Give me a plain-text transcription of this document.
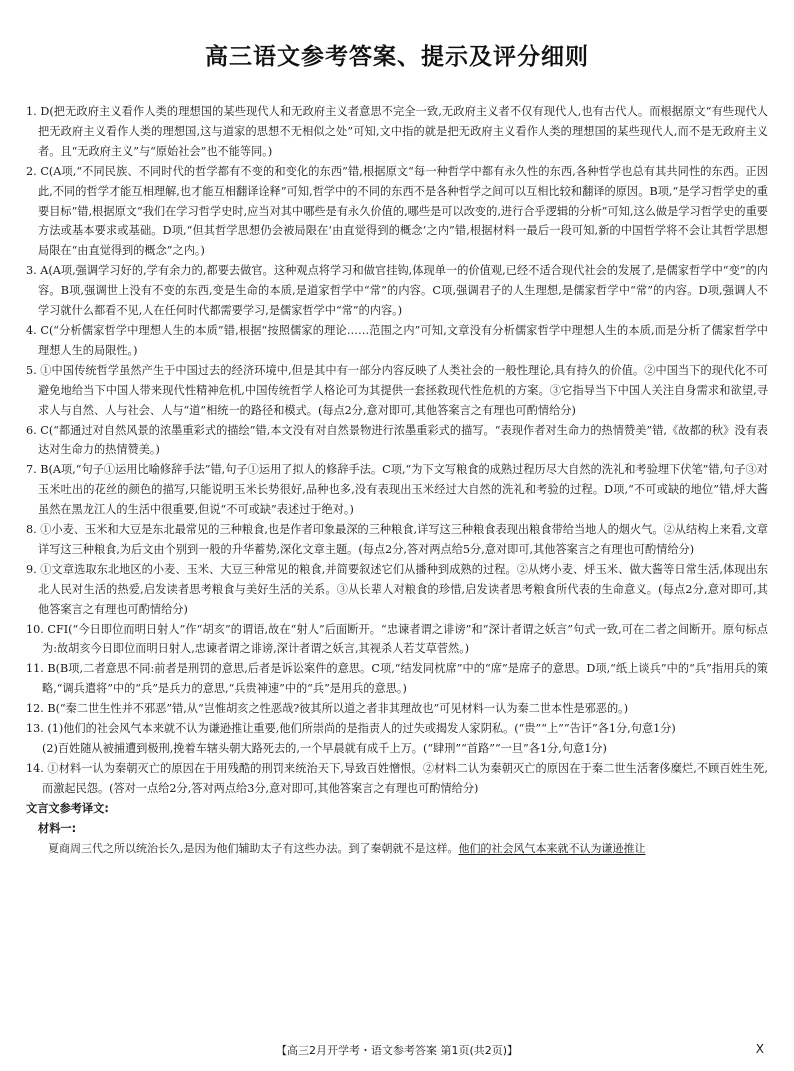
高三语文参考答案、提示及评分细则

1. D(把无政府主义看作人类的理想国的某些现代人和无政府主义者意思不完全一致,无政府主义者不仅有现代人,也有古代人。而根据原文“有些现代人把无政府主义看作人类的理想国,这与道家的思想不无相似之处”可知,文中指的就是把无政府主义看作人类的理想国的某些现代人,而不是无政府主义者。且“无政府主义”与“原始社会”也不能等同。)

2. C(A项,“不同民族、不同时代的哲学都有不变的和变化的东西”错,根据原文“每一种哲学中都有永久性的东西,各种哲学也总有其共同性的东西。正因此,不同的哲学才能互相理解,也才能互相翻译诠释”可知,哲学中的不同的东西不是各种哲学之间可以互相比较和翻译的原因。B项,“是学习哲学史的重要目标”错,根据原文“我们在学习哲学史时,应当对其中哪些是有永久价值的,哪些是可以改变的,进行合乎逻辑的分析”可知,这么做是学习哲学史的重要方法或基本要求或基础。D项,“但其哲学思想仍会被局限在‘由直觉得到的概念’之内”错,根据材料一最后一段可知,新的中国哲学将不会让其哲学思想局限在“由直觉得到的概念”之内。)

3. A(A项,强调学习好的,学有余力的,都要去做官。这种观点将学习和做官挂钩,体现单一的价值观,已经不适合现代社会的发展了,是儒家哲学中“变”的内容。B项,强调世上没有不变的东西,变是生命的本质,是道家哲学中“常”的内容。C项,强调君子的人生理想,是儒家哲学中“常”的内容。D项,强调人不学习就什么都看不见,人在任何时代都需要学习,是儒家哲学中“常”的内容。)

4. C(“分析儒家哲学中理想人生的本质”错,根据“按照儒家的理论……范围之内”可知,文章没有分析儒家哲学中理想人生的本质,而是分析了儒家哲学中理想人生的局限性。)

5. ①中国传统哲学虽然产生于中国过去的经济环境中,但是其中有一部分内容反映了人类社会的一般性理论,具有持久的价值。②中国当下的现代化不可避免地给当下中国人带来现代性精神危机,中国传统哲学人格论可为其提供一套拯救现代性危机的方案。③它指导当下中国人关注自身需求和欲望,寻求人与自然、人与社会、人与“道”相统一的路径和模式。(每点2分,意对即可,其他答案言之有理也可酌情给分)

6. C(“都通过对自然风景的浓墨重彩式的描绘”错,本文没有对自然景物进行浓墨重彩式的描写。“表现作者对生命力的热情赞美”错,《故都的秋》没有表达对生命力的热情赞美。)

7. B(A项,“句子①运用比喻修辞手法”错,句子①运用了拟人的修辞手法。C项,“为下文写粮食的成熟过程历尽大自然的洗礼和考验埋下伏笔”错,句子③对玉米吐出的花丝的颜色的描写,只能说明玉米长势很好,品种也多,没有表现出玉米经过大自然的洗礼和考验的过程。D项,“不可或缺的地位”错,烀大酱虽然在黑龙江人的生活中很重要,但说“不可或缺”表述过于绝对。)

8. ①小麦、玉米和大豆是东北最常见的三种粮食,也是作者印象最深的三种粮食,详写这三种粮食表现出粮食带给当地人的烟火气。②从结构上来看,文章详写这三种粮食,为后文由个别到一般的升华蓄势,深化文章主题。(每点2分,答对两点给5分,意对即可,其他答案言之有理也可酌情给分)

9. ①文章选取东北地区的小麦、玉米、大豆三种常见的粮食,并简要叙述它们从播种到成熟的过程。②从烤小麦、烀玉米、做大酱等日常生活,体现出东北人民对生活的热爱,启发读者思考粮食与美好生活的关系。③从长辈人对粮食的珍惜,启发读者思考粮食所代表的生命意义。(每点2分,意对即可,其他答案言之有理也可酌情给分)

10. CFI(“今日即位而明日射人”作“胡亥”的谓语,故在“射人”后面断开。“忠谏者谓之诽谤”和“深计者谓之妖言”句式一致,可在二者之间断开。原句标点为:故胡亥今日即位而明日射人,忠谏者谓之诽谤,深计者谓之妖言,其视杀人若艾草菅然。)

11. B(B项,二者意思不同:前者是刑罚的意思,后者是诉讼案件的意思。C项,“结发同枕席”中的“席”是席子的意思。D项,“纸上谈兵”中的“兵”指用兵的策略,“调兵遣将”中的“兵”是兵力的意思,“兵贵神速”中的“兵”是用兵的意思。)

12. B(“秦二世生性并不邪恶”错,从“岂惟胡亥之性恶哉?彼其所以道之者非其理故也”可见材料一认为秦二世本性是邪恶的。)

13. (1)他们的社会风气本来就不认为谦逊推让重要,他们所崇尚的是指责人的过失或揭发人家阴私。(“贵”“上”“告讦”各1分,句意1分)

(2)百姓随从被捕遭到极刑,挽着车辖头朝大路死去的,一个早晨就有成千上万。(“肆刑”“首路”“一旦”各1分,句意1分)

14. ①材料一认为秦朝灭亡的原因在于用残酷的刑罚来统治天下,导致百姓憎恨。②材料二认为秦朝灭亡的原因在于秦二世生活奢侈糜烂,不顾百姓生死,而激起民怨。(答对一点给2分,答对两点给3分,意对即可,其他答案言之有理也可酌情给分)

文言文参考译文:

材料一:

夏商周三代之所以统治长久,是因为他们辅助太子有这些办法。到了秦朝就不是这样。他们的社会风气本来就不认为谦逊推让

【高三2月开学考・语文参考答案 第1页(共2页)】	X
